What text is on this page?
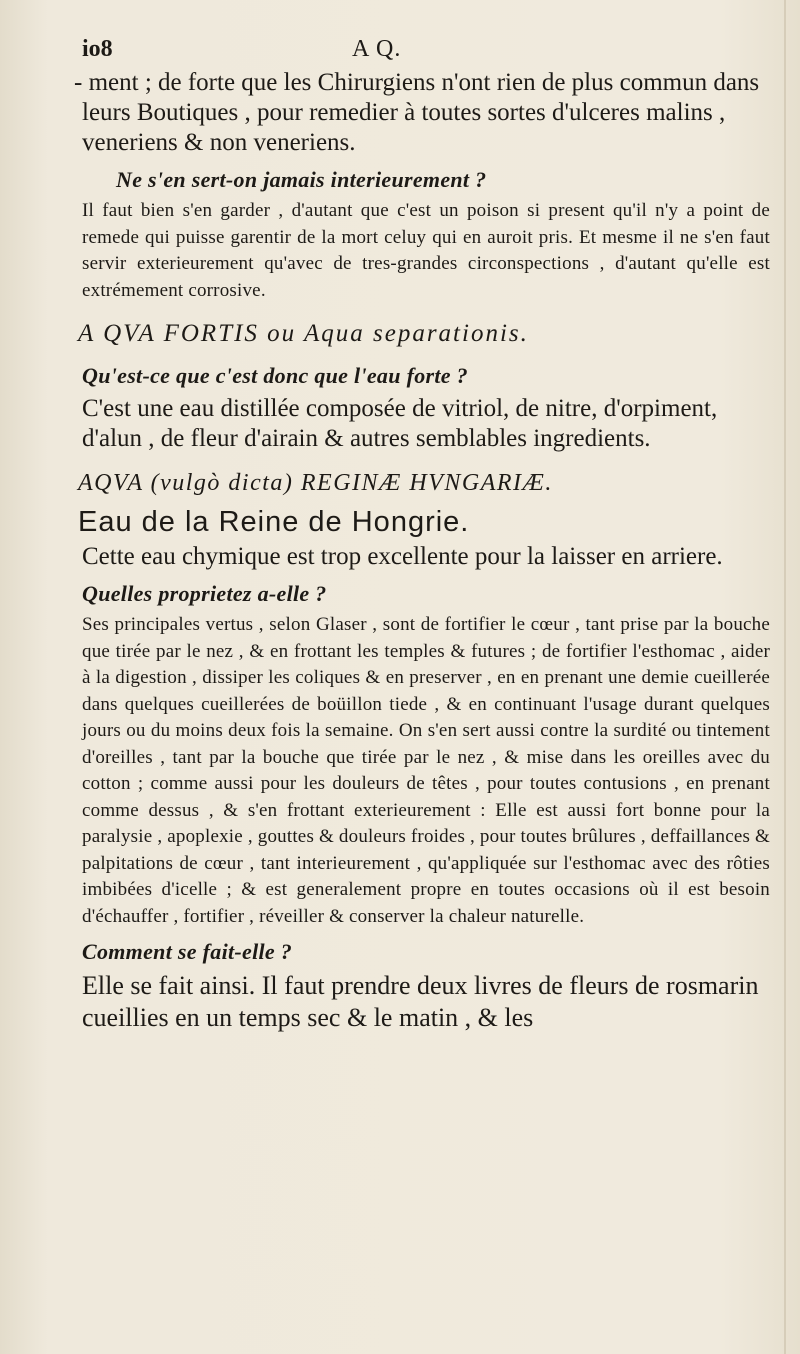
io8	A Q.

- ment ; de forte que les Chirurgiens n'ont rien de plus commun dans leurs Boutiques , pour remedier à toutes sortes d'ulceres malins , veneriens & non veneriens.

Ne s'en sert-on jamais interieurement ?

Il faut bien s'en garder , d'autant que c'est un poison si present qu'il n'y a point de remede qui puisse garentir de la mort celuy qui en auroit pris. Et mesme il ne s'en faut servir exterieurement qu'avec de tres-grandes circonspections , d'autant qu'elle est extrémement corrosive.

A QVA FORTIS ou Aqua separationis.

Qu'est-ce que c'est donc que l'eau forte ?

C'est une eau distillée composée de vitriol, de nitre, d'orpiment, d'alun , de fleur d'airain & autres semblables ingredients.

AQVA (vulgò dicta) REGINÆ HVNGARIÆ.

Eau de la Reine de Hongrie.

Cette eau chymique est trop excellente pour la laisser en arriere.

Quelles proprietez a-elle ?

Ses principales vertus , selon Glaser , sont de fortifier le cœur , tant prise par la bouche que tirée par le nez , & en frottant les temples & futures ; de fortifier l'esthomac , aider à la digestion , dissiper les coliques & en preserver , en en prenant une demie cueillerée dans quelques cueillerées de boüillon tiede , & en continuant l'usage durant quelques jours ou du moins deux fois la semaine. On s'en sert aussi contre la surdité ou tintement d'oreilles , tant par la bouche que tirée par le nez , & mise dans les oreilles avec du cotton ; comme aussi pour les douleurs de têtes , pour toutes contusions , en prenant comme dessus , & s'en frottant exterieurement : Elle est aussi fort bonne pour la paralysie , apoplexie , gouttes & douleurs froides , pour toutes brûlures , deffaillances & palpitations de cœur , tant interieurement , qu'appliquée sur l'esthomac avec des rôties imbibées d'icelle ; & est generalement propre en toutes occasions où il est besoin d'échauffer , fortifier , réveiller & conserver la chaleur naturelle.

Comment se fait-elle ?

Elle se fait ainsi. Il faut prendre deux livres de fleurs de rosmarin cueillies en un temps sec & le matin , & les
